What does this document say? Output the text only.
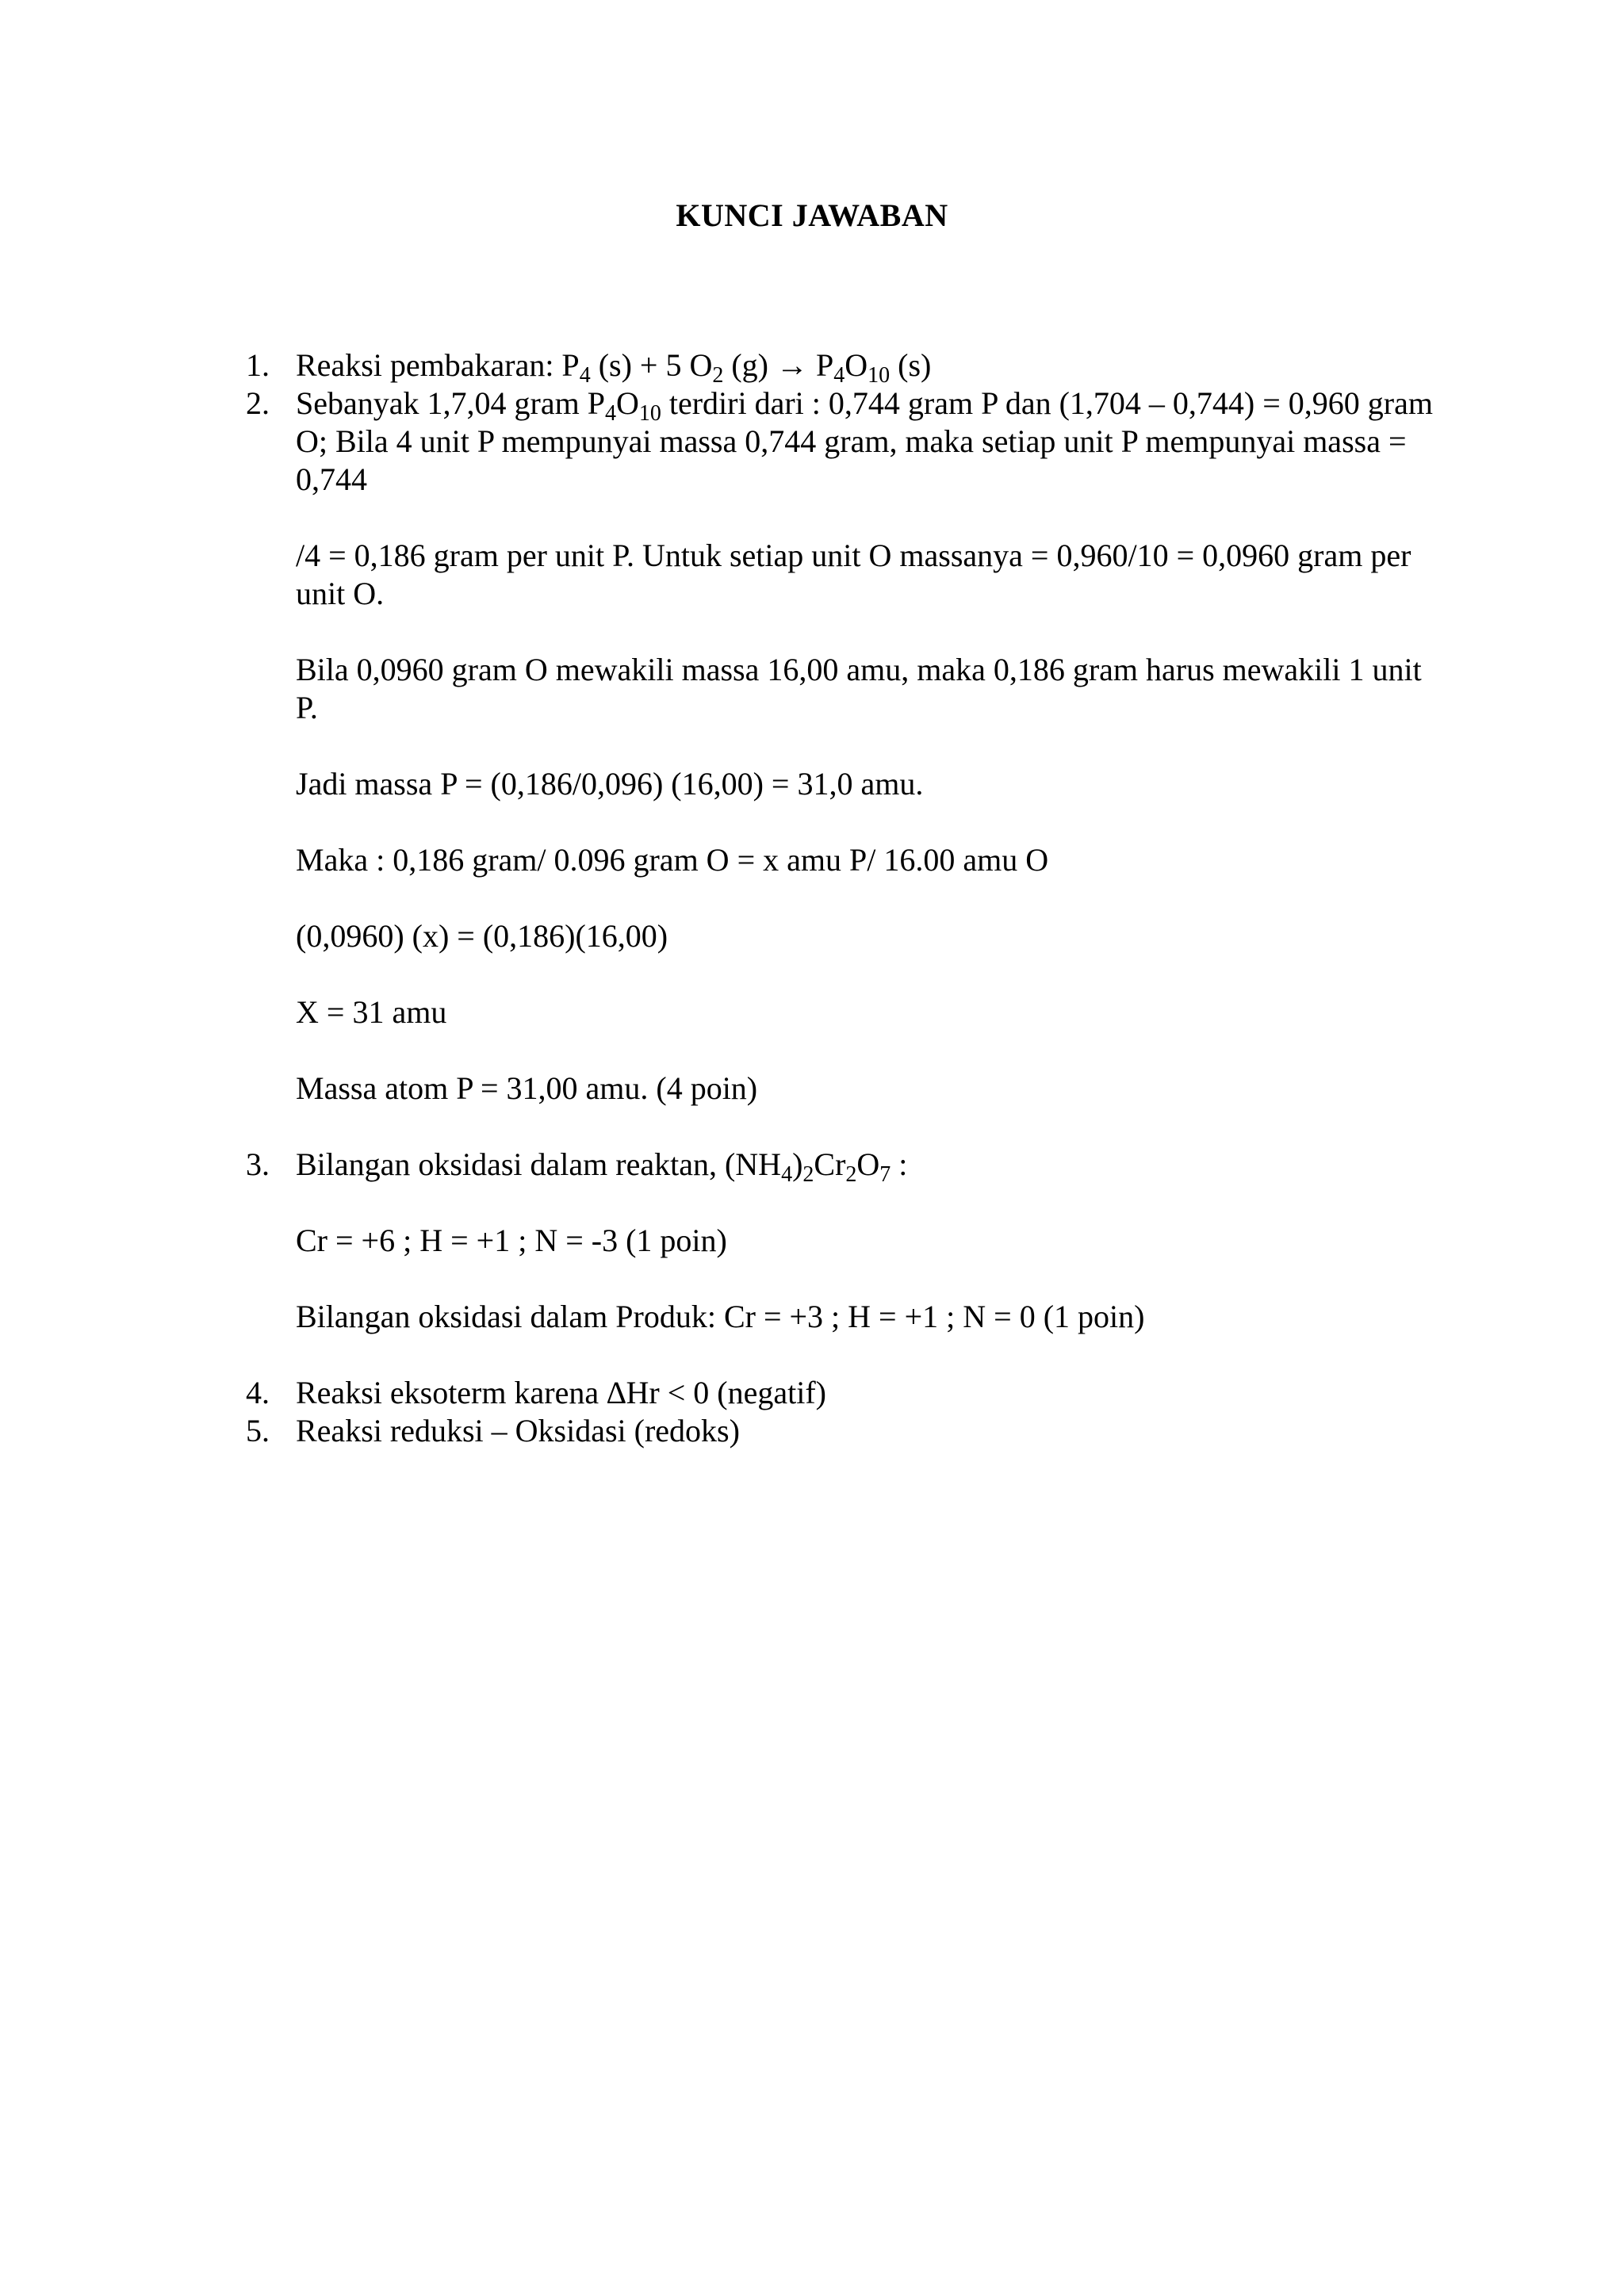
KUNCI JAWABAN
1. Reaksi pembakaran: $P_4$ (s) + 5 $O_2$ $(g) \to P_4O_{10}$ (s)
2. Sebanyak 1,7,04 gram $P_4O_{10}$ terdiri dari : 0,744 gram P dan (1,704 – 0,744) = 0,960 gram O; Bila 4 unit P mempunyai massa 0,744 gram, maka setiap unit P mempunyai massa = 0,744
/4 = 0,186 gram per unit P. Untuk setiap unit O massanya = 0,960/10 = 0,0960 gram per unit O.
Bila 0,0960 gram O mewakili massa 16,00 amu, maka 0,186 gram harus mewakili 1 unit P.
Jadi massa P = (0,186/0,096) (16,00) = 31,0 amu.
Maka : 0,186 gram/ 0.096 gram O = x amu P/ 16.00 amu O
(0,0960) (x) = (0,186)(16,00)
X = 31 amu
Massa atom P = 31,00 amu. (4 poin)
3. Bilangan oksidasi dalam reaktan, $(NH_4)_2Cr_2O_7$ :
Cr = +6 ; H = +1 ; N = -3 (1 poin)
Bilangan oksidasi dalam Produk: Cr = +3 ; H = +1 ; N = 0 (1 poin)
4. Reaksi eksoterm karena ∆Hr < 0 (negatif)
5. Reaksi reduksi – Oksidasi (redoks)
